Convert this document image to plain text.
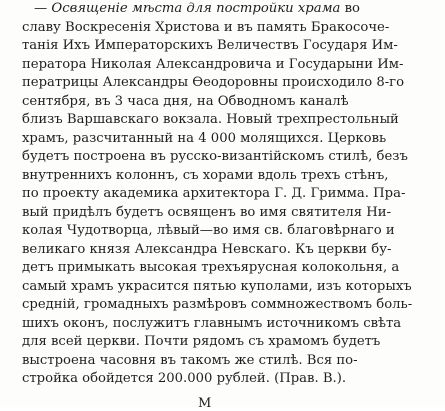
— Освященіе мѣста для постройки храма во
славу Воскресенія Христова и въ память Бракосоче-
танія Ихъ Императорскихъ Величествъ Государя Им-
ператора Николая Александровича и Государыни Им-
ператрицы Александры Ѳеодоровны происходило 8-го
сентября, въ 3 часа дня, на Обводномъ каналѣ
близъ Варшавскаго вокзала. Новый трехпрестольный
храмъ, разсчитанный на 4 000 молящихся. Церковь
будетъ построена въ русско-византійскомъ стилѣ, безъ
внутреннихъ колоннъ, съ хорами вдоль трехъ стѣнъ,
по проекту академика архитектора Г. Д. Гримма. Пра-
вый придѣлъ будетъ освященъ во имя святителя Ни-
колая Чудотворца, лѣвый—во имя св. благовѣрнаго и
великаго князя Александра Невскаго. Къ церкви бу-
детъ примыкать высокая трехъярусная колокольня, а
самый храмъ украсится пятью куполами, изъ которыхъ
средній, громадныхъ размѣровъ соммножествомъ боль-
шихъ оконъ, послужитъ главнымъ источникомъ свѣта
для всей церкви. Почти рядомъ съ храмомъ будетъ
выстроена часовня въ такомъ же стилѣ. Вся по-
стройка обойдется 200.000 рублей. (Прав. В.).
М
